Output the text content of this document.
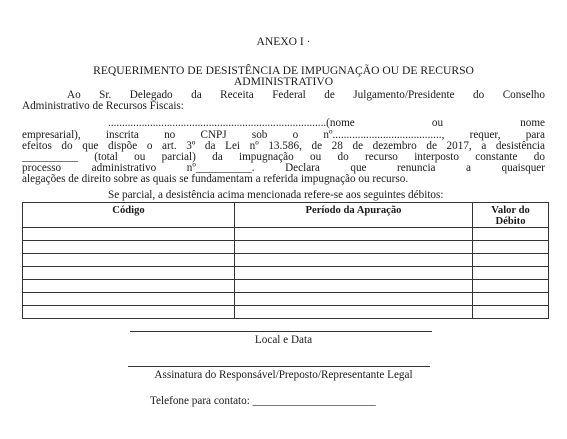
ANEXO I ·
REQUERIMENTO DE DESISTÊNCIA DE IMPUGNAÇÃO OU DE RECURSO
ADMINISTRATIVO
Ao Sr. Delegado da Receita Federal de Julgamento/Presidente do Conselho
Administrativo de Recursos Fiscais:
..............................................................................(nome ou nome
empresarial), inscrita no CNPJ sob o nº......................................., requer, para
efeitos do que dispõe o art. 3º da Lei nº 13.586, de 28 de dezembro de 2017, a desistência
__________ (total ou parcial) da impugnação ou do recurso interposto constante do
processo administrativo nº__________. Declara que renuncia a quaisquer
alegações de direito sobre as quais se fundamentam a referida impugnação ou recurso.
Se parcial, a desistência acima mencionada refere-se aos seguintes débitos:
Código	Período da Apuração	Valor do Débito

Local e Data
Assinatura do Responsável/Preposto/Representante Legal
Telefone para contato: ______________________
